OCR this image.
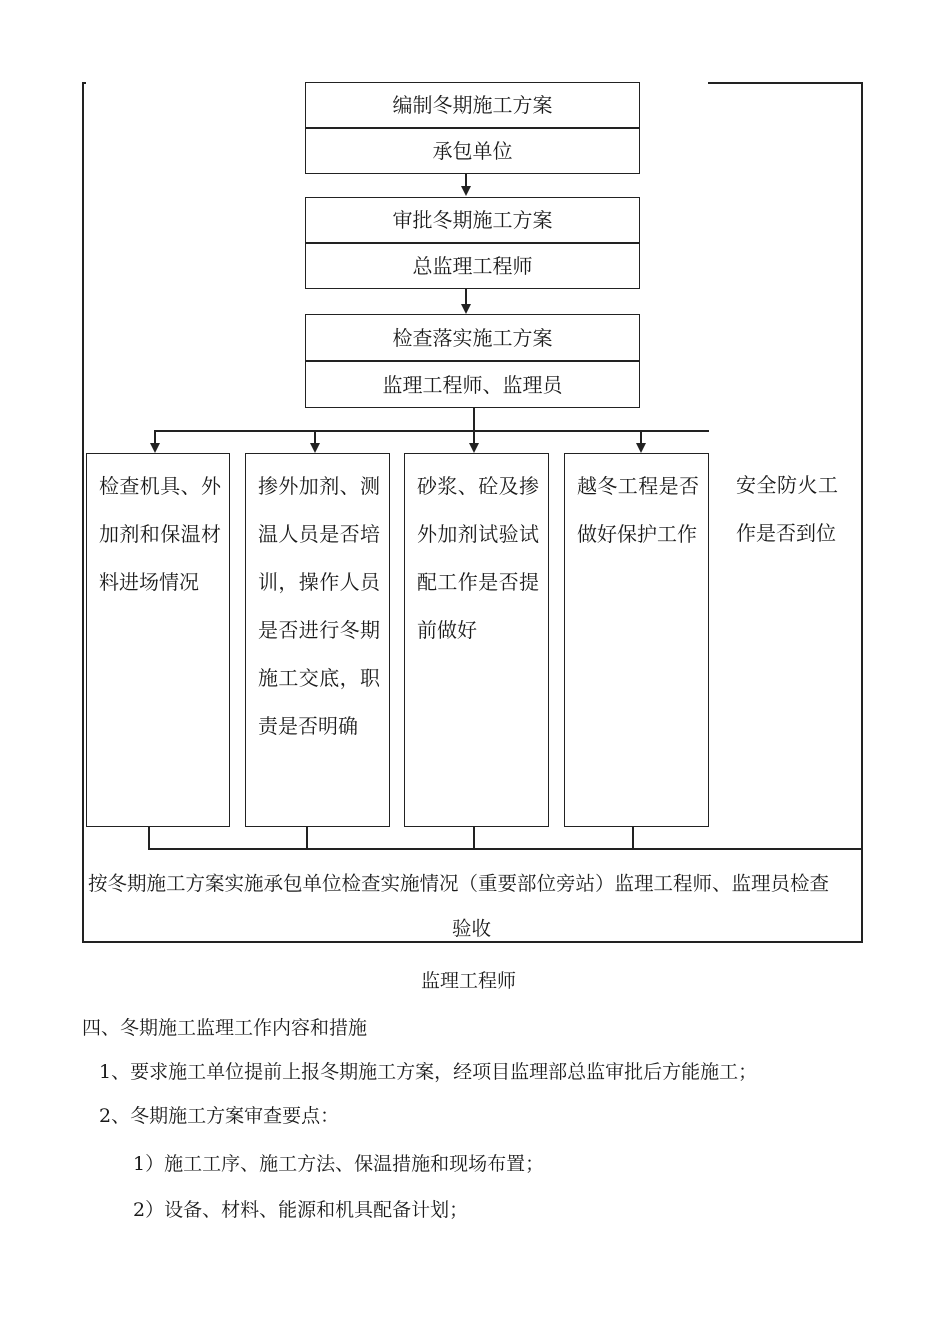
编制冬期施工方案
承包单位
审批冬期施工方案
总监理工程师
检查落实施工方案
监理工程师、监理员
检查机具、外加剂和保温材料进场情况
掺外加剂、测温人员是否培训，操作人员是否进行冬期施工交底，职责是否明确
砂浆、砼及掺外加剂试验试配工作是否提前做好
越冬工程是否做好保护工作
安全防火工作是否到位
按冬期施工方案实施承包单位检查实施情况（重要部位旁站）监理工程师、监理员检查
验收
监理工程师
四、冬期施工监理工作内容和措施
1、要求施工单位提前上报冬期施工方案，经项目监理部总监审批后方能施工；
2、冬期施工方案审查要点：
1）施工工序、施工方法、保温措施和现场布置；
2）设备、材料、能源和机具配备计划；
